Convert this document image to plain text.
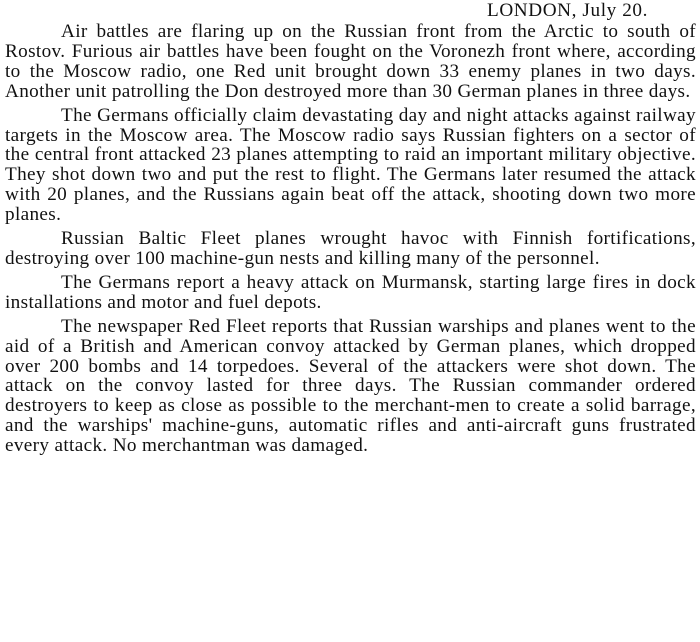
LONDON, July 20.

Air battles are flaring up on the Russian front from the Arctic to south of Rostov. Furious air battles have been fought on the Voronezh front where, according to the Moscow radio, one Red unit brought down 33 enemy planes in two days. Another unit patrolling the Don destroyed more than 30 German planes in three days.

The Germans officially claim devastating day and night attacks against railway targets in the Moscow area. The Moscow radio says Russian fighters on a sector of the central front attacked 23 planes attempting to raid an important military objective. They shot down two and put the rest to flight. The Germans later resumed the attack with 20 planes, and the Russians again beat off the attack, shooting down two more planes.

Russian Baltic Fleet planes wrought havoc with Finnish fortifications, destroying over 100 machine-gun nests and killing many of the personnel.

The Germans report a heavy attack on Murmansk, starting large fires in dock installations and motor and fuel depots.

The newspaper Red Fleet reports that Russian warships and planes went to the aid of a British and American convoy attacked by German planes, which dropped over 200 bombs and 14 torpedoes. Several of the attackers were shot down. The attack on the convoy lasted for three days. The Russian commander ordered destroyers to keep as close as possible to the merchant-men to create a solid barrage, and the warships' machine-guns, automatic rifles and anti-aircraft guns frustrated every attack. No merchantman was damaged.
